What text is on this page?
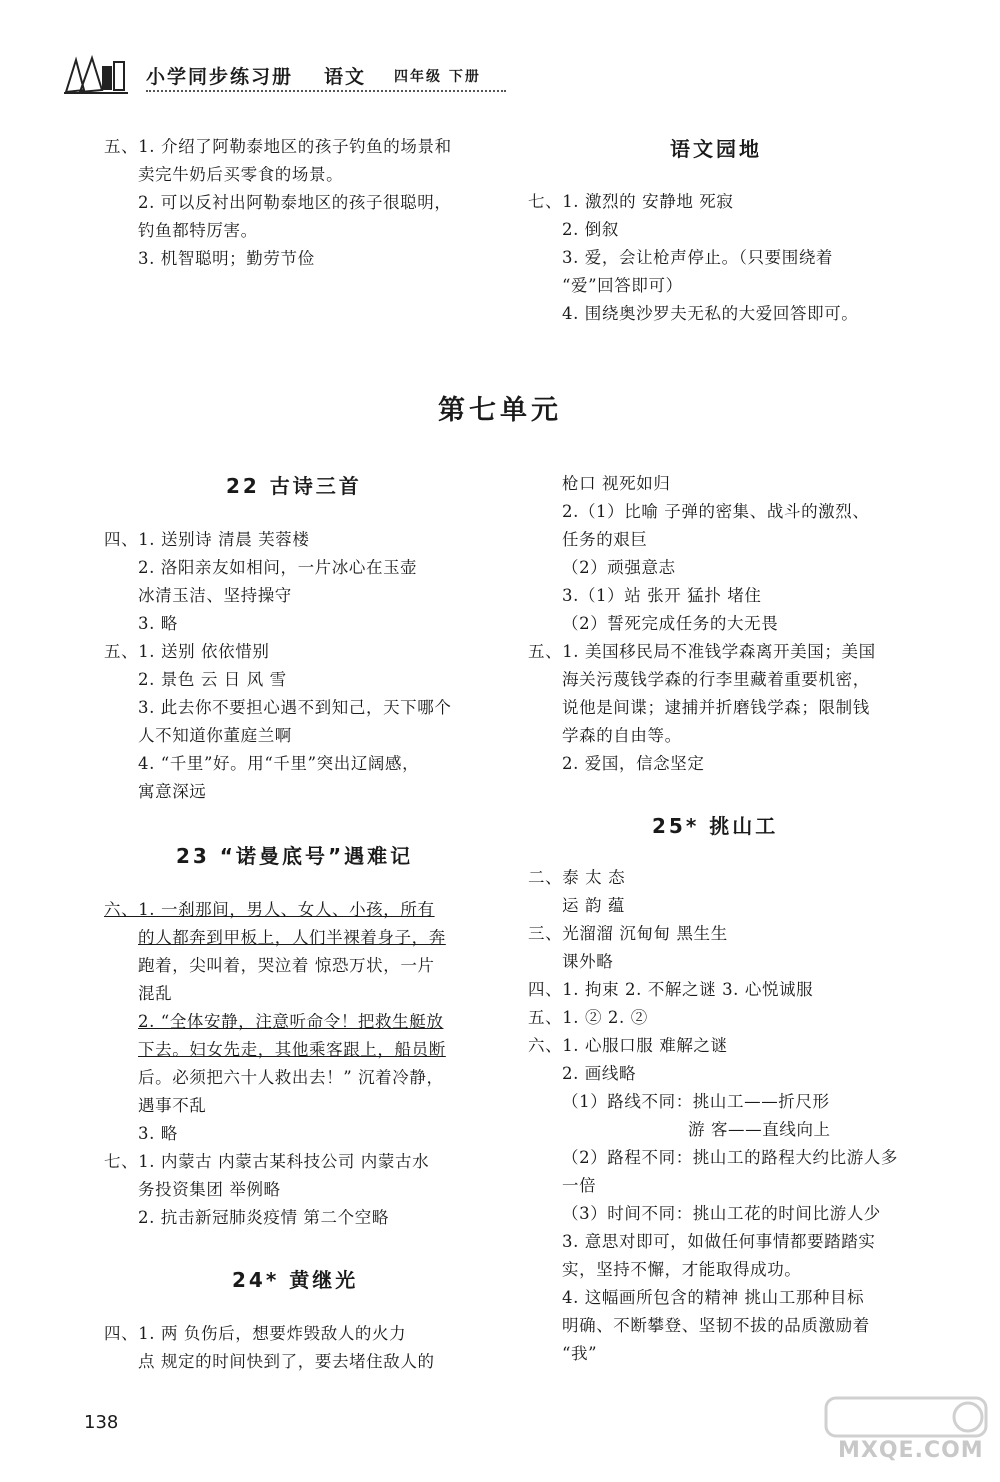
小学同步练习册 语文 四年级 下册
五、1. 介绍了阿勒泰地区的孩子钓鱼的场景和
卖完牛奶后买零食的场景。
2. 可以反衬出阿勒泰地区的孩子很聪明，
钓鱼都特厉害。
3. 机智聪明；勤劳节俭
语文园地
七、1. 激烈的 安静地 死寂
2. 倒叙
3. 爱，会让枪声停止。（只要围绕着
“爱”回答即可）
4. 围绕奥沙罗夫无私的大爱回答即可。
第七单元
22 古诗三首
四、1. 送别诗 清晨 芙蓉楼
2. 洛阳亲友如相问，一片冰心在玉壶
冰清玉洁、坚持操守
3. 略
五、1. 送别 依依惜别
2. 景色 云 日 风 雪
3. 此去你不要担心遇不到知己，天下哪个
人不知道你董庭兰啊
4. “千里”好。用“千里”突出辽阔感，
寓意深远
23 “诺曼底号”遇难记
六、1. 一刹那间，男人、女人、小孩，所有
的人都奔到甲板上，人们半裸着身子，奔
跑着，尖叫着，哭泣着 惊恐万状，一片
混乱
2. “全体安静，注意听命令！把救生艇放
下去。妇女先走，其他乘客跟上，船员断
后。必须把六十人救出去！” 沉着冷静，
遇事不乱
3. 略
七、1. 内蒙古 内蒙古某科技公司 内蒙古水
务投资集团 举例略
2. 抗击新冠肺炎疫情 第二个空略
24* 黄继光
四、1. 两 负伤后，想要炸毁敌人的火力
点 规定的时间快到了，要去堵住敌人的
枪口 视死如归
2.（1）比喻 子弹的密集、战斗的激烈、
任务的艰巨
（2）顽强意志
3.（1）站 张开 猛扑 堵住
（2）誓死完成任务的大无畏
五、1. 美国移民局不准钱学森离开美国；美国
海关污蔑钱学森的行李里藏着重要机密，
说他是间谍；逮捕并折磨钱学森；限制钱
学森的自由等。
2. 爱国，信念坚定
25* 挑山工
二、泰 太 态
运 韵 蕴
三、光溜溜 沉甸甸 黑生生
课外略
四、1. 拘束 2. 不解之谜 3. 心悦诚服
五、1. ② 2. ②
六、1. 心服口服 难解之谜
2. 画线略
（1）路线不同：挑山工——折尺形
游 客——直线向上
（2）路程不同：挑山工的路程大约比游人多
一倍
（3）时间不同：挑山工花的时间比游人少
3. 意思对即可，如做任何事情都要踏踏实
实，坚持不懈，才能取得成功。
4. 这幅画所包含的精神 挑山工那种目标
明确、不断攀登、坚韧不拔的品质激励着
“我”
138
MXQE.COM
